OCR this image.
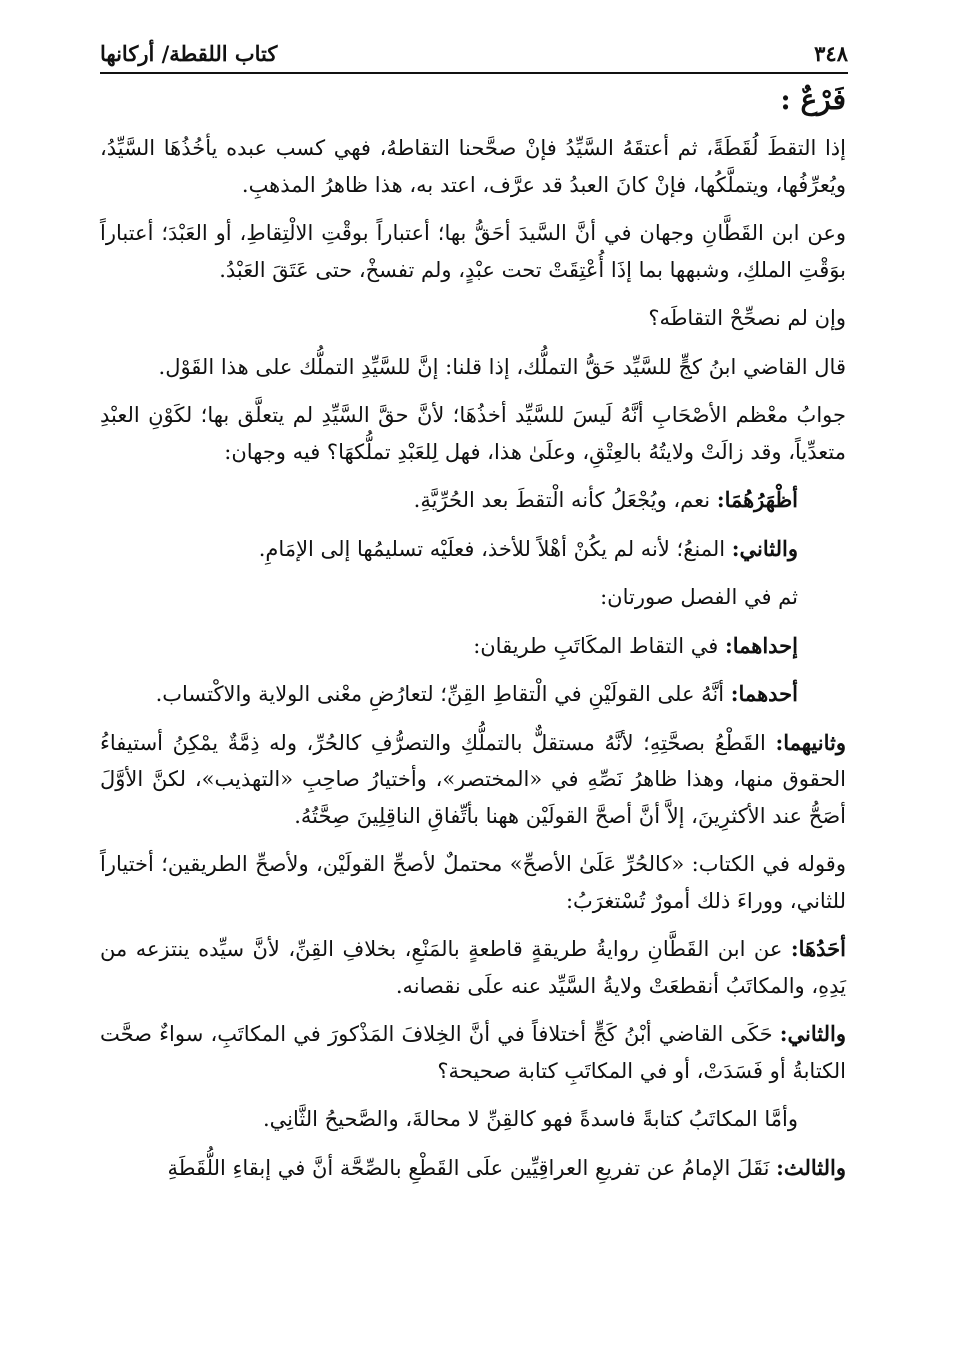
٣٤٨
كتاب اللقطة/ أركانها

فَرْعٌ :

إذا التقطَ لُقَطَةً، ثم أعتقَهُ السَّيِّدُ فإنْ صحَّحنا التقاطهُ، فهي كسب عبده يأخُذُهَا السَّيِّدُ، ويُعرِّفُها، ويتملَّكُها، فإنْ كانَ العبدُ قد عرَّف، اعتد به، هذا ظاهرُ المذهبِ.

وعن ابن القَطَّانِ وجهان في أنَّ السَّيدَ أحَقُّ بها؛ أعتباراً بوقْتِ الالْتِقاطِ، أو العَبْدَ؛ أعتباراً بوَقْتِ الملكِ، وشبهها بما إذَا أُعْتِقَتْ تحت عبْدٍ، ولم تفسخْ، حتى عَتَقَ العَبْدُ.

وإن لم نصحِّحْ التقاطَه؟

قال القاضي ابنُ كجٍّ للسَّيِّد حَقُّ التملُّك، إذا قلنا: إنَّ للسَّيِّدِ التملُّك على هذا القَوْل.

جوابُ معْظم الأصْحَابِ أنَّهُ لَيسَ للسَّيِّد أخذُهَا؛ لأنَّ حقَّ السَّيِّدِ لم يتعلَّق بها؛ لكَوْنِ العبْدِ متعدِّياً، وقد زالَتْ ولايتُهُ بالعِتْقِ، وعلَىٰ هذا، فهل لِلعَبْدِ تملُّكهَا؟ فيه وجهان:

أظْهَرُهُمَا: نعم، ويُجْعَلُ كأنه الْتقطَ بعد الحُرِّيَّةِ.

والثاني: المنعُ؛ لأنه لم يكُنْ أهْلاً للأخذ، فعلَيْه تسليمُها إلى الإمَامِ.

ثم في الفصل صورتان:

إحداهما: في التقاط المكَاتَبِ طريقان:

أحدهما: أنَّهُ على القولَيْنِ في الْتقاطِ القِنِّ؛ لتعارُضِ معْنى الولاية والاكْتساب.

وثانيهما: القَطْعُ بصحَّتِهِ؛ لأنَّهُ مستقلٌّ بالتملُّكِ والتصرُّفِ كالحُرِّ، وله ذِمَّةٌ يمْكِنُ أستيفاءُ الحقوق منها، وهذا ظاهرُ نَصِّهِ في «المختصر»، وأختيارُ صاحِبِ «التهذيب»، لكنَّ الأوَّلَ أصَحُّ عند الأكثرِينَ، إلاَّ أنَّ أصحَّ القولَيْن ههنا بأتِّفاقِ الناقِلِينَ صِحَّتُهُ.

وقوله في الكتاب: «كالحُرِّ عَلَىٰ الأصحِّ» محتملٌ لأصحِّ القولَيْن، ولأصحِّ الطريقين؛ أختياراً للثاني، ووراءَ ذلك أمورٌ تُسْتغرَبُ:

أحَدُهَا: عن ابن القَطَّانِ روايةُ طريقةٍ قاطعةٍ بالمَنْعِ، بخلافِ القِنِّ، لأنَّ سيِّده ينتزعه من يَدِهِ، والمكاتَبُ أنقطعَتْ ولايةُ السَّيِّد عنه علَى نقصانه.

والثاني: حَكَى القاضي أبْنُ كَجٍّ أختلافاً في أنَّ الخِلافَ المَذْكورَ في المكاتَبِ، سواءٌ صحَّت الكتابةُ أو فَسَدَتْ، أو في المكاتَبِ كتابة صحيحة؟

وأمَّا المكاتَبُ كتابةً فاسدةً فهو كالقِنِّ لا محالةَ، والصَّحيحُ الثَّانِي.

والثالث: نَقَلَ الإمامُ عن تفريعِ العراقِيِّين علَى القَطْعِ بالصِّحَّة أنَّ في إبقاءِ اللُّقَطَةِ
